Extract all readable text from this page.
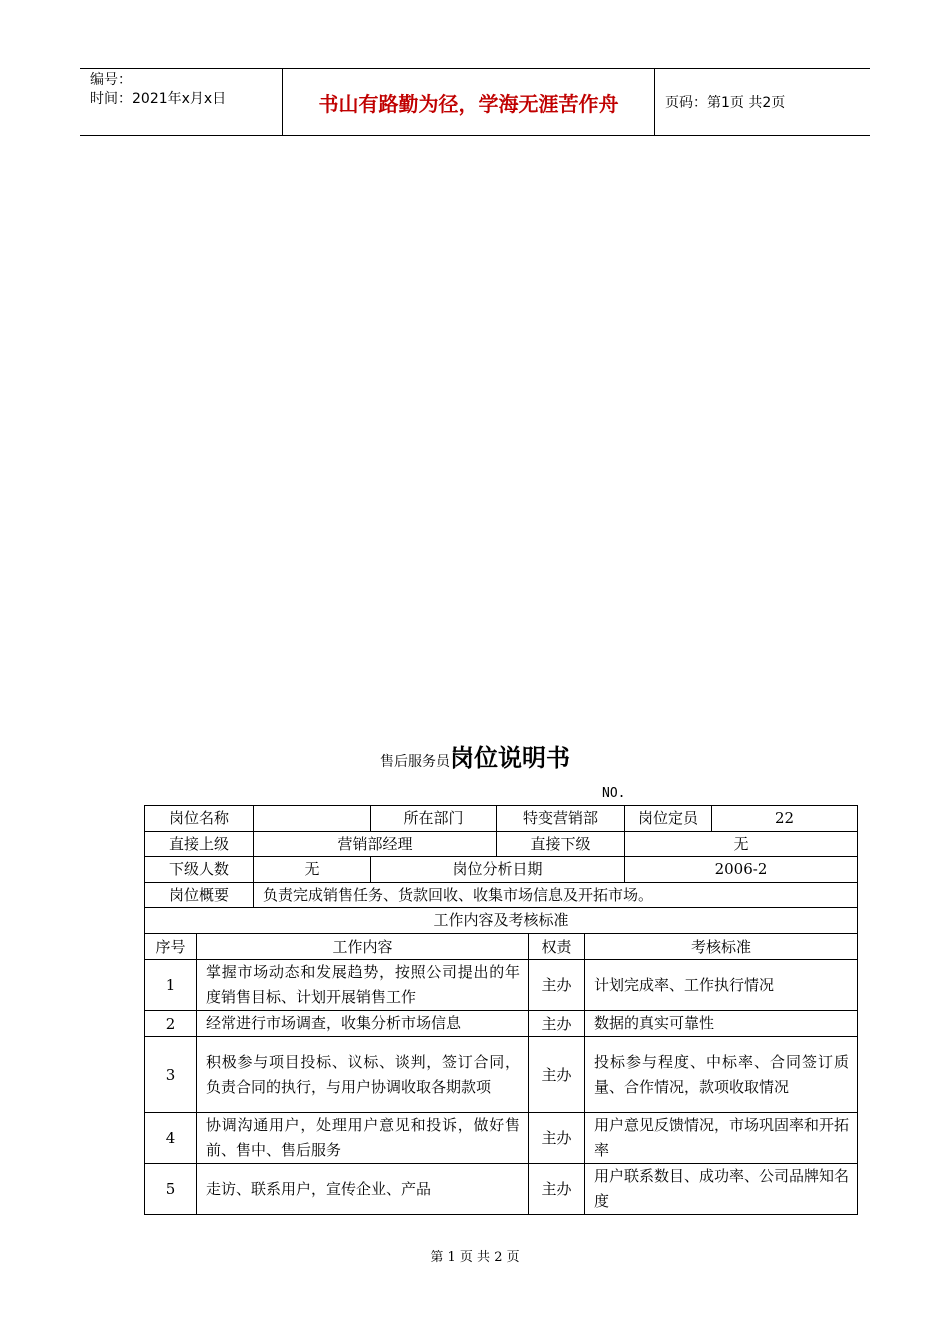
编号：
时间：2021年x月x日	书山有路勤为径，学海无涯苦作舟	页码：第1页 共2页
售后服务员岗位说明书
NO.
岗位名称		所在部门	特变营销部	岗位定员	22
直接上级	营销部经理		直接下级	无	
下级人数	无	岗位分析日期		2006-2	
岗位概要	负责完成销售任务、货款回收、收集市场信息及开拓市场。				
工作内容及考核标准					
序号	工作内容	权责	考核标准
1	掌握市场动态和发展趋势，按照公司提出的年度销售目标、计划开展销售工作	主办	计划完成率、工作执行情况
2	经常进行市场调查，收集分析市场信息	主办	数据的真实可靠性
3	积极参与项目投标、议标、谈判，签订合同，负责合同的执行，与用户协调收取各期款项	主办	投标参与程度、中标率、合同签订质量、合作情况，款项收取情况
4	协调沟通用户，处理用户意见和投诉，做好售前、售中、售后服务	主办	用户意见反馈情况，市场巩固率和开拓率
5	走访、联系用户，宣传企业、产品	主办	用户联系数目、成功率、公司品牌知名度
第 1 页 共 2 页
